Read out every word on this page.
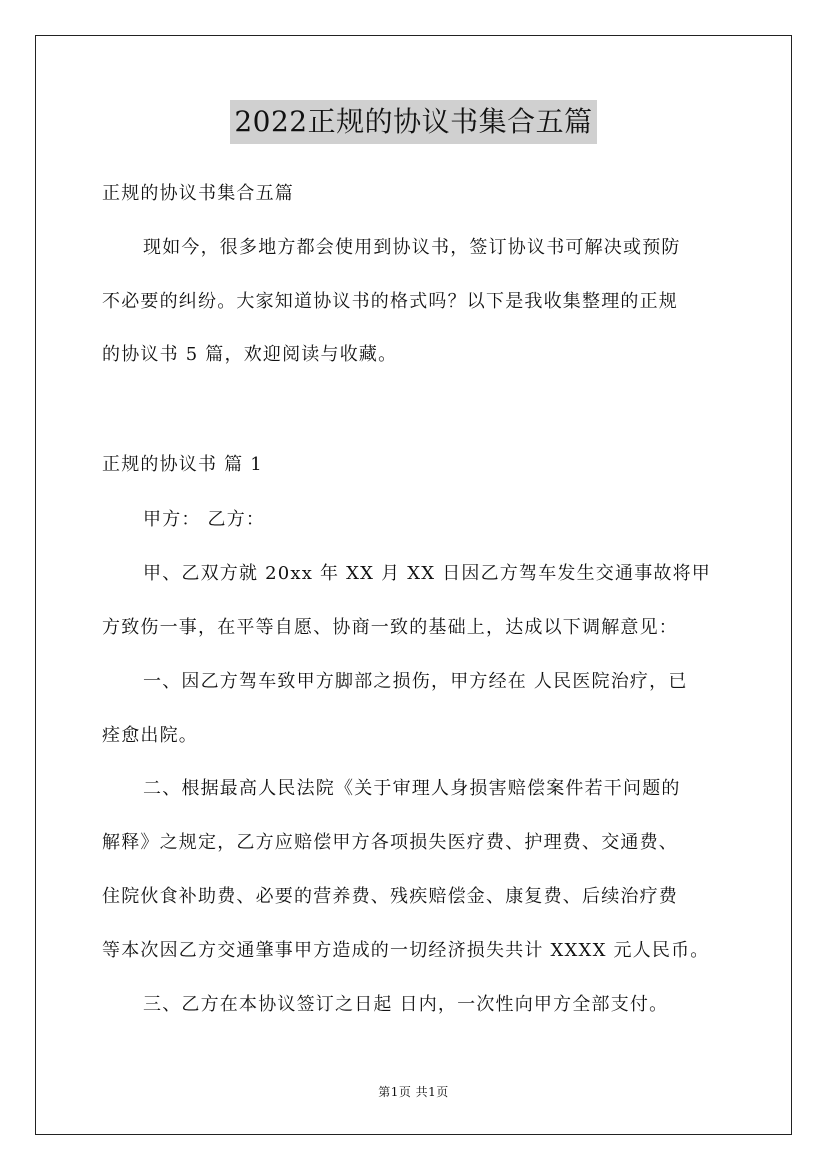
2022正规的协议书集合五篇
正规的协议书集合五篇
现如今，很多地方都会使用到协议书，签订协议书可解决或预防
不必要的纠纷。大家知道协议书的格式吗？以下是我收集整理的正规
的协议书 5 篇，欢迎阅读与收藏。
正规的协议书 篇 1
甲方： 乙方：
甲、乙双方就 20xx 年 XX 月 XX 日因乙方驾车发生交通事故将甲
方致伤一事，在平等自愿、协商一致的基础上，达成以下调解意见：
一、因乙方驾车致甲方脚部之损伤，甲方经在 人民医院治疗，已
痊愈出院。
二、根据最高人民法院《关于审理人身损害赔偿案件若干问题的
解释》之规定，乙方应赔偿甲方各项损失医疗费、护理费、交通费、
住院伙食补助费、必要的营养费、残疾赔偿金、康复费、后续治疗费
等本次因乙方交通肇事甲方造成的一切经济损失共计 XXXX 元人民币。
三、乙方在本协议签订之日起 日内，一次性向甲方全部支付。
第1页 共1页
